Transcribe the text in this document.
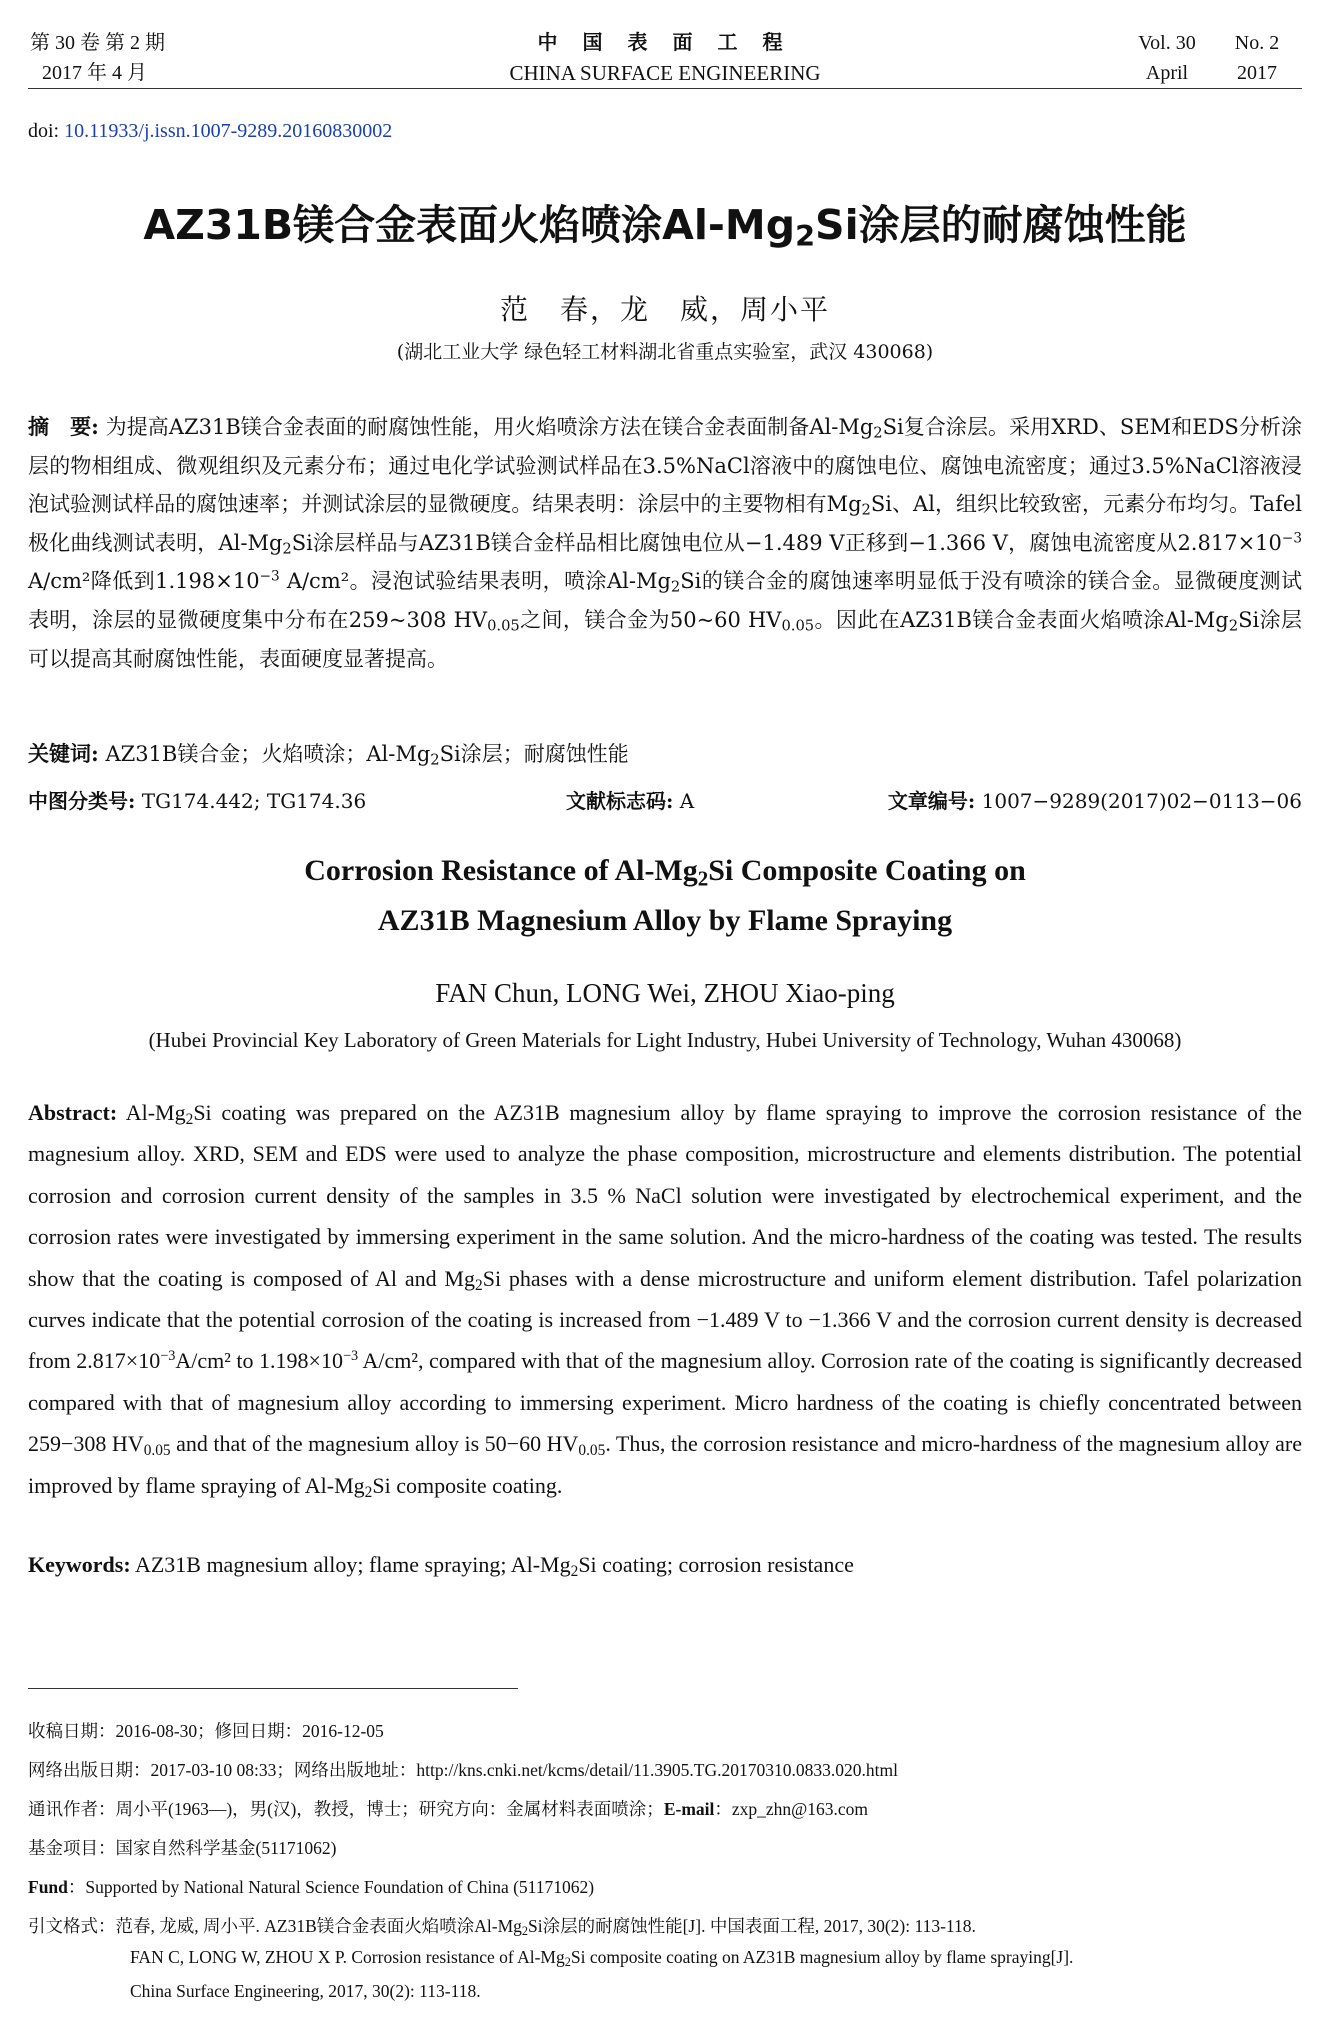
第 30 卷 第 2 期
2017 年 4 月
中 国 表 面 工 程
CHINA SURFACE ENGINEERING
Vol. 30 No. 2
April 2017
doi: 10.11933/j.issn.1007-9289.20160830002
AZ31B镁合金表面火焰喷涂$Al-Mg_2Si$涂层的耐腐蚀性能
范　春，龙　威，周小平
(湖北工业大学 绿色轻工材料湖北省重点实验室，武汉 430068)
摘　要: 为提高AZ31B镁合金表面的耐腐蚀性能，用火焰喷涂方法在镁合金表面制备$Al-Mg_2Si$复合涂层。采用XRD、SEM和EDS分析涂层的物相组成、微观组织及元素分布；通过电化学试验测试样品在3.5%NaCl溶液中的腐蚀电位、腐蚀电流密度；通过3.5%NaCl溶液浸泡试验测试样品的腐蚀速率；并测试涂层的显微硬度。结果表明：涂层中的主要物相有$Mg_2Si$、Al，组织比较致密，元素分布均匀。Tafel极化曲线测试表明，$Al-Mg_2Si$涂层样品与AZ31B镁合金样品相比腐蚀电位从−1.489 V正移到−1.366 V，腐蚀电流密度从$2.817\times 10^{-3}$ A/cm²降低到$1.198\times 10^{-3}$ A/cm²。浸泡试验结果表明，喷涂$Al-Mg_2Si$的镁合金的腐蚀速率明显低于没有喷涂的镁合金。显微硬度测试表明，涂层的显微硬度集中分布在259~308 $HV_{0.05}$之间，镁合金为50~60 $HV_{0.05}$。因此在AZ31B镁合金表面火焰喷涂$Al-Mg_2Si$涂层可以提高其耐腐蚀性能，表面硬度显著提高。
关键词: AZ31B镁合金；火焰喷涂；$Al-Mg_2Si$涂层；耐腐蚀性能
中图分类号: TG174.442; TG174.36	文献标志码: A	文章编号: 1007−9289(2017)02−0113−06
Corrosion Resistance of $Al-Mg_2Si$ Composite Coating on
AZ31B Magnesium Alloy by Flame Spraying
FAN Chun, LONG Wei, ZHOU Xiao-ping
(Hubei Provincial Key Laboratory of Green Materials for Light Industry, Hubei University of Technology, Wuhan 430068)
Abstract: $Al-Mg_2Si$ coating was prepared on the AZ31B magnesium alloy by flame spraying to improve the corrosion resistance of the magnesium alloy. XRD, SEM and EDS were used to analyze the phase composition, microstructure and elements distribution. The potential corrosion and corrosion current density of the samples in 3.5 % NaCl solution were investigated by electrochemical experiment, and the corrosion rates were investigated by immersing experiment in the same solution. And the micro-hardness of the coating was tested. The results show that the coating is composed of Al and $Mg_2Si$ phases with a dense microstructure and uniform element distribution. Tafel polarization curves indicate that the potential corrosion of the coating is increased from −1.489 V to −1.366 V and the corrosion current density is decreased from $2.817\times 10^{-3}A$/cm² to $1.198\times 10^{-3}$ A/cm², compared with that of the magnesium alloy. Corrosion rate of the coating is significantly decreased compared with that of magnesium alloy according to immersing experiment. Micro hardness of the coating is chiefly concentrated between 259−308 $HV_{0.05}$ and that of the magnesium alloy is 50−60 $HV_{0.05}$. Thus, the corrosion resistance and micro-hardness of the magnesium alloy are improved by flame spraying of $Al-Mg_2Si$ composite coating.
Keywords: AZ31B magnesium alloy; flame spraying; $Al-Mg_2Si$ coating; corrosion resistance
收稿日期：2016-08-30；修回日期：2016-12-05
网络出版日期：2017-03-10 08:33；网络出版地址：http://kns.cnki.net/kcms/detail/11.3905.TG.20170310.0833.020.html
通讯作者：周小平(1963—)，男(汉)，教授，博士；研究方向：金属材料表面喷涂；E-mail：zxp_zhn@163.com
基金项目：国家自然科学基金(51171062)
Fund：Supported by National Natural Science Foundation of China (51171062)
引文格式：范春, 龙威, 周小平. AZ31B镁合金表面火焰喷涂$Al-Mg_2Si$涂层的耐腐蚀性能[J]. 中国表面工程, 2017, 30(2): 113-118.
FAN C, LONG W, ZHOU X P. Corrosion resistance of $Al-Mg_2Si$ composite coating on AZ31B magnesium alloy by flame spraying[J].
China Surface Engineering, 2017, 30(2): 113-118.
